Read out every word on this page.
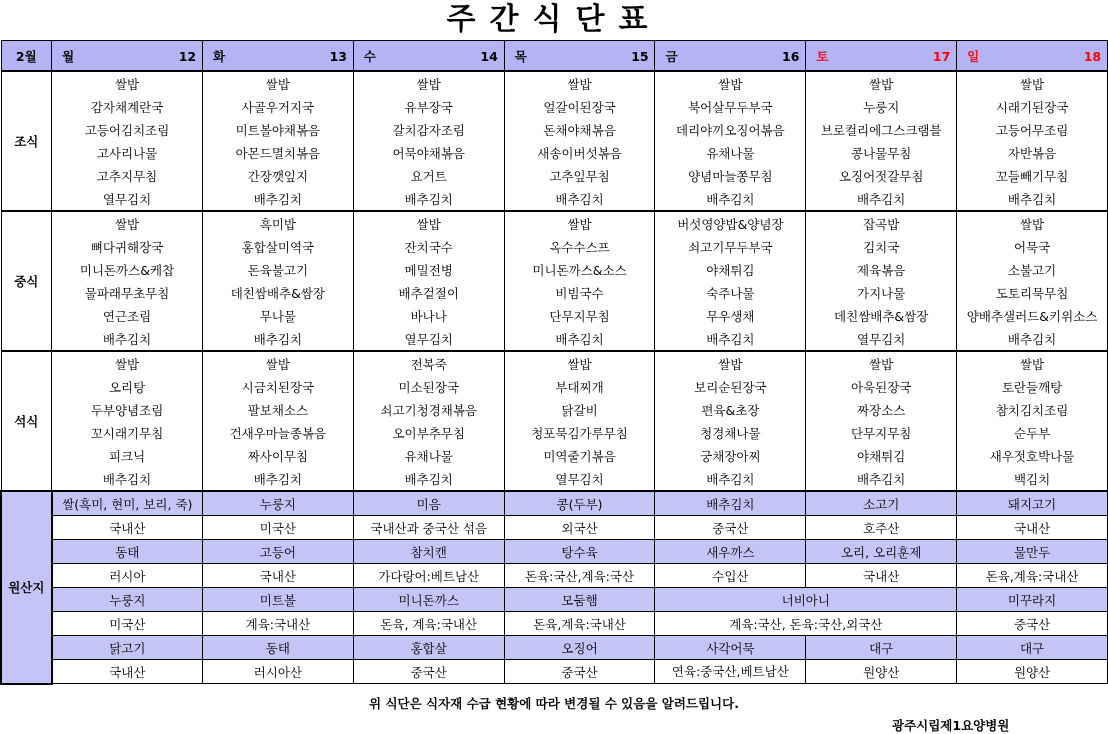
주간식단표
2월	월 12	화 13	수 14	목 15	금 16	토 17	일 18
조식	쌀밥	쌀밥	쌀밥	쌀밥	쌀밥	쌀밥	쌀밥
	감자채계란국	사골우거지국	유부장국	얼갈이된장국	북어살무두부국	누룽지	시래기된장국
	고등어김치조림	미트볼야채볶음	갈치감자조림	돈채야채볶음	데리야끼오징어볶음	브로컬리에그스크램블	고등어무조림
	고사리나물	아몬드멸치볶음	어묵야채볶음	새송이버섯볶음	유채나물	콩나물무침	자반볶음
	고추지무침	간장깻잎지	요거트	고추잎무침	양념마늘쫑무침	오징어젓갈무침	꼬들빼기무침
	열무김치	배추김치	배추김치	배추김치	배추김치	배추김치	배추김치
중식	쌀밥	흑미밥	쌀밥	쌀밥	버섯영양밥&양념장	잡곡밥	쌀밥
	뼈다귀해장국	홍합살미역국	잔치국수	옥수수스프	쇠고기무두부국	김치국	어묵국
	미니돈까스&케찹	돈육불고기	메밀전병	미니돈까스&소스	야채튀김	제육볶음	소불고기
	물파래무초무침	데친쌈배추&쌈장	배추겉절이	비빔국수	숙주나물	가지나물	도토리묵무침
	연근조림	무나물	바나나	단무지무침	무우생채	데친쌈배추&쌈장	양배추샐러드&키위소스
	배추김치	배추김치	열무김치	배추김치	배추김치	열무김치	배추김치
석식	쌀밥	쌀밥	전복죽	쌀밥	쌀밥	쌀밥	쌀밥
	오리탕	시금치된장국	미소된장국	부대찌개	보리순된장국	아욱된장국	토란들깨탕
	두부양념조림	팔보채소스	쇠고기청경채볶음	닭갈비	편육&초장	짜장소스	참치김치조림
	꼬시래기무침	건새우마늘종볶음	오이부추무침	청포묵김가루무침	청경채나물	단무지무침	순두부
	피크닉	짜사이무침	유채나물	미역줄기볶음	궁채장아찌	야채튀김	새우젓호박나물
	배추김치	배추김치	배추김치	열무김치	배추김치	배추김치	백김치
원산지	쌀(흑미, 현미, 보리, 죽)	누룽지	미음	콩(두부)	배추김치	소고기	돼지고기
	국내산	미국산	국내산과 중국산 섞음	외국산	중국산	호주산	국내산
	동태	고등어	참치캔	탕수육	새우까스	오리, 오리훈제	물만두
	러시아	국내산	가다랑어:베트남산	돈육:국산,계육:국산	수입산	국내산	돈육,계육:국내산
	누룽지	미트볼	미니돈까스	모둠햄	너비아니		미꾸라지
	미국산	계육:국내산	돈육, 계육:국내산	돈육,계육:국내산	계육:국산, 돈육:국산,외국산		중국산
	닭고기	동태	홍합살	오징어	사각어묵	대구	대구
	국내산	러시아산	중국산	중국산	연육:중국산,베트남산	원양산	원양산
위 식단은 식자재 수급 현황에 따라 변경될 수 있음을 알려드립니다.
광주시립제1요양병원
